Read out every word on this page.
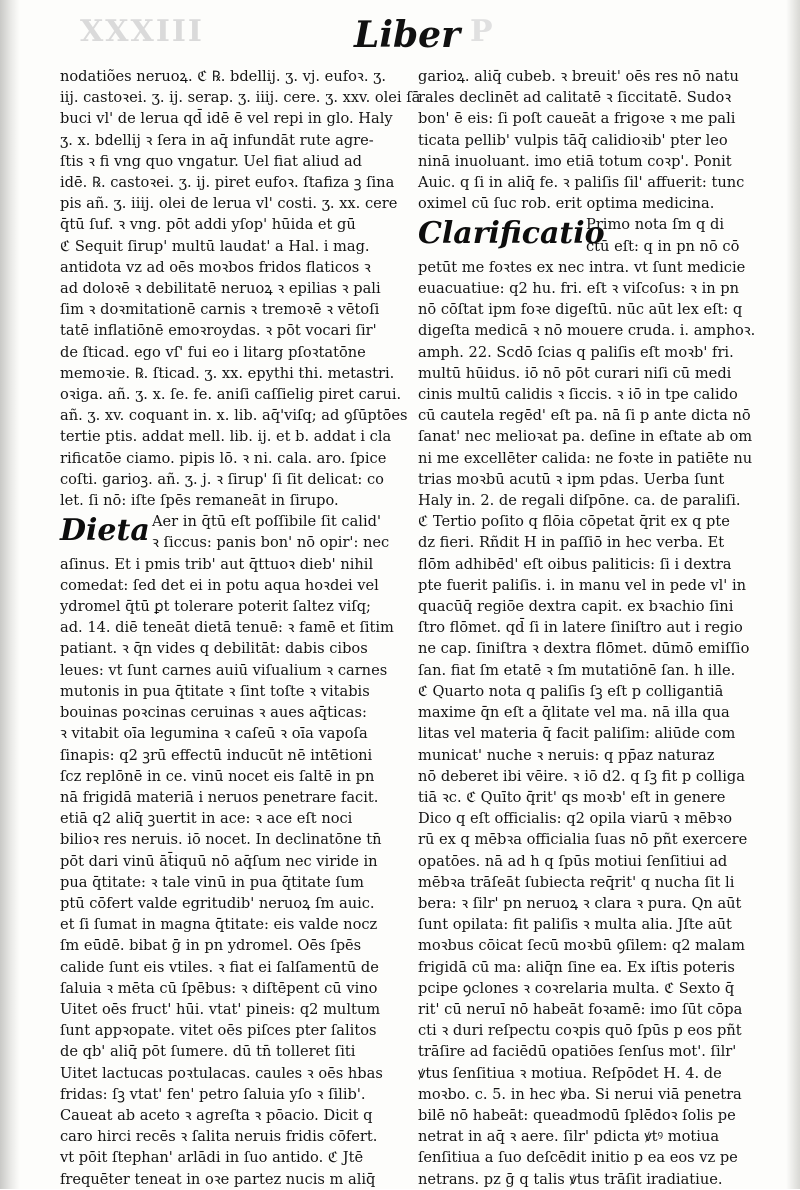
XXXIII	P
Liber
nodatiões neruoꝝ. ℭ ℞. bdellij. ʒ. vj. eufoꝛ. ʒ.
iij. castoꝛei. ʒ. ij. serap. ʒ. iiij. cere. ʒ. xxv. olei ſā
buci vl' de lerua qd̄ idē ē vel repi in glo. Haly
ʒ. x. bdellij ꝛ ſera in aq̄ infundāt rute agre-
ſtis ꝛ fi vng quo vngatur. Uel fiat aliud ad
idē. ℞. castoꝛei. ʒ. ij. piret eufoꝛ. ſtafiza ꝫ ſina
pis añ. ʒ. iiij. olei de lerua vl' costi. ʒ. xx. cere
q̄tū ſuf. ꝛ vng. pōt addi yſop' hūida et gū
ℭ Sequit ſirup' multū laudat' a Hal. i mag.
antidota vz ad oēs moꝛbos fridos flaticos ꝛ
ad doloꝛē ꝛ debilitatē neruoꝝ ꝛ epilias ꝛ pali
ſim ꝛ doꝛmitationē carnis ꝛ tremoꝛē ꝛ vētoſi
tatē inflatiōnē emoꝛroydas. ꝛ pōt vocari ſir'
de ſticad. ego vſ' fui eo i litarg pſoꝛtatōne
memoꝛie. ℞. ſticad. ʒ. xx. epythi thi. metastri.
oꝛiga. añ. ʒ. x. ſe. fe. aniſi caſſielig piret carui.
añ. ʒ. xv. coquant in. x. lib. aq̄'viſq; ad ꝯſūptōes
tertie ptis. addat mell. lib. ij. et b. addat i cla
rificatōe ciamo. pipis lō. ꝛ ni. cala. aro. ſpice
coſti. garioꝫ. añ. ʒ. j. ꝛ ſirup' ſi ſit delicat: co
let. ſi nō: iſte ſpēs remaneāt in ſirupo.
Dieta Aer in q̄tū eſt poſſibile ſit calid'
ꝛ ſiccus: panis bon' nō opir': nec
aſinus. Et i pmis trib' aut q̄ttuoꝛ dieb' nihil
comedat: ſed det ei in potu aqua hoꝛdei vel
ydromel q̄tū ꝑt tolerare poterit ſaltez viſq;
ad. 14. diē teneāt dietā tenuē: ꝛ famē et ſitim
patiant. ꝛ q̄n vides q debilitāt: dabis cibos
leues: vt ſunt carnes auiū viſualium ꝛ carnes
mutonis in pua q̄titate ꝛ ſint toſte ꝛ vitabis
bouinas poꝛcinas ceruinas ꝛ aues aq̄ticas:
ꝛ vitabit oīa legumina ꝛ caſeū ꝛ oīa vapoſa
ſinapis: q2 ꝫrū effectū inducūt nē intētioni
ſcz replōnē in ce. vinū nocet eis ſaltē in pn
nā frigidā materiā i neruos penetrare facit.
etiā q2 aliq̄ ꝫuertit in ace: ꝛ ace eſt noci
bilioꝛ res neruis. iō nocet. In declinatōne tn̄
pōt dari vinū āt̄iquū nō aq̄ſum nec viride in
pua q̄titate: ꝛ tale vinū in pua q̄titate ſum
ptū cōfert valde egritudib' neruoꝝ ſm auic.
et ſi ſumat in magna q̄titate: eis valde nocz
ſm eūdē. bibat ḡ in pn ydromel. Oēs ſpēs
calide ſunt eis vtiles. ꝛ fiat ei ſalſamentū de
ſaluia ꝛ mēta cū ſpēbus: ꝛ diſtēpent cū vino
Uitet oēs fruct' hūi. vtat' pineis: q2 multum
ſunt appꝛopate. vitet oēs piſces pter ſalitos
de qb' aliq̄ pōt ſumere. dū tn̄ tolleret ſiti
Uitet lactucas poꝛtulacas. caules ꝛ oēs hbas
fridas: ſꝫ vtat' fen' petro ſaluia yſo ꝛ ſilib'.
Caueat ab aceto ꝛ agreſta ꝛ pōacio. Dicit q
caro hirci recēs ꝛ ſalita neruis fridis cōfert.
vt pōit ſtephan' arlādi in ſuo antido. ℭ Jtē
frequēter teneat in oꝛe partez nucis m aliq̄
garioꝝ. aliq̄ cubeb. ꝛ breuit' oēs res nō natu
rales declinēt ad calitatē ꝛ ſiccitatē. Sudoꝛ
bon' ē eis: ſi poſt caueāt a frigoꝛe ꝛ me pali
ticata pellib' vulpis tāq̄ calidioꝛib' pter leo
ninā inuoluant. imo etiā totum coꝛp'. Ponit
Auic. q ſi in aliq̄ fe. ꝛ paliſis ſil' affuerit: tunc
oximel cū ſuc rob. erit optima medicina.
Clarificatio
Primo nota ſm q di
ctū eſt: q in pn nō cō
petūt me foꝛtes ex nec intra. vt ſunt medicie
euacuatiue: q2 hu. fri. eſt ꝛ viſcoſus: ꝛ in pn
nō cōſtat ipm foꝛe digeſtū. nūc aūt lex eſt: q
digeſta medicā ꝛ nō mouere cruda. i. amphoꝛ.
amph. 22. Scdō ſcias q paliſis eſt moꝛb' fri.
multū hūidus. iō nō pōt curari niſi cū medi
cinis multū calidis ꝛ ſiccis. ꝛ iō in tpe calido
cū cautela regēd' eſt pa. nā ſi p ante dicta nō
ſanat' nec melioꝛat pa. deſine in eſtate ab om
ni me excellēter calida: ne foꝛte in patiēte nu
trias moꝛbū acutū ꝛ ipm pdas. Uerba ſunt
Haly in. 2. de regali diſpōne. ca. de paraliſi.
ℭ Tertio poſito q flōia cōpetat q̄rit ex q pte
dz fieri. Rñdit H in paſſiō in hec verba. Et
flōm adhibēd' eſt oibus paliticis: ſi i dextra
pte fuerit paliſis. i. in manu vel in pede vl' in
quacūq̄ regiōe dextra capit. ex bꝛachio ſini
ſtro flōmet. qd̄ ſi in latere ſiniſtro aut i regio
ne cap. ſiniſtra ꝛ dextra flōmet. dūmō emiſſio
ſan. fiat ſm etatē ꝛ ſm mutatiōnē ſan. h ille.
ℭ Quarto nota q paliſis ſꝫ eſt p colligantiā
maxime q̄n eſt a q̄litate vel ma. nā illa qua
litas vel materia q̄ facit paliſim: aliūde com
municat' nuche ꝛ neruis: q pp̄az naturaz
nō deberet ibi vēire. ꝛ iō d2. q ſꝫ fit p colliga
tiā ꝛc. ℭ Quīto q̄rit' qs moꝛb' eſt in genere
Dico q eſt officialis: q2 opila viarū ꝛ mēbꝛo
rū ex q mēbꝛa officialia ſuas nō pñt exercere
opatōes. nā ad h q ſpūs motiui ſenſitiui ad
mēbꝛa trāſeāt ſubiecta req̄rit' q nucha ſit li
bera: ꝛ ſilr' pn neruoꝝ ꝛ clara ꝛ pura. Qn aūt
ſunt opilata: fit paliſis ꝛ multa alia. Jſte aūt
moꝛbus cōicat ſecū moꝛbū ꝯſilem: q2 malam
frigidā cū ma: aliq̄n ſine ea. Ex iſtis poteris
pcipe ꝯclones ꝛ coꝛrelaria multa. ℭ Sexto q̄
rit' cū neruī nō habeāt foꝛamē: imo ſūt cōpa
cti ꝛ duri reſpectu coꝛpis quō ſpūs p eos pñt
trāſire ad faciēdū opatiōes ſenſus mot'. ſilr'
ꝟtus ſenſitiua ꝛ motiua. Reſpōdet H. 4. de
moꝛbo. c. 5. in hec ꝟba. Si nerui viā penetra
bilē nō habeāt: queadmodū ſplēdoꝛ ſolis pe
netrat in aq̄ ꝛ aere. ſilr' pdicta ꝟtꝰ motiua
ſenſitiua a ſuo deſcēdit initio p ea eos vz pe
netrans. pz ḡ q talis ꝟtus trāſit iradiatiue.
